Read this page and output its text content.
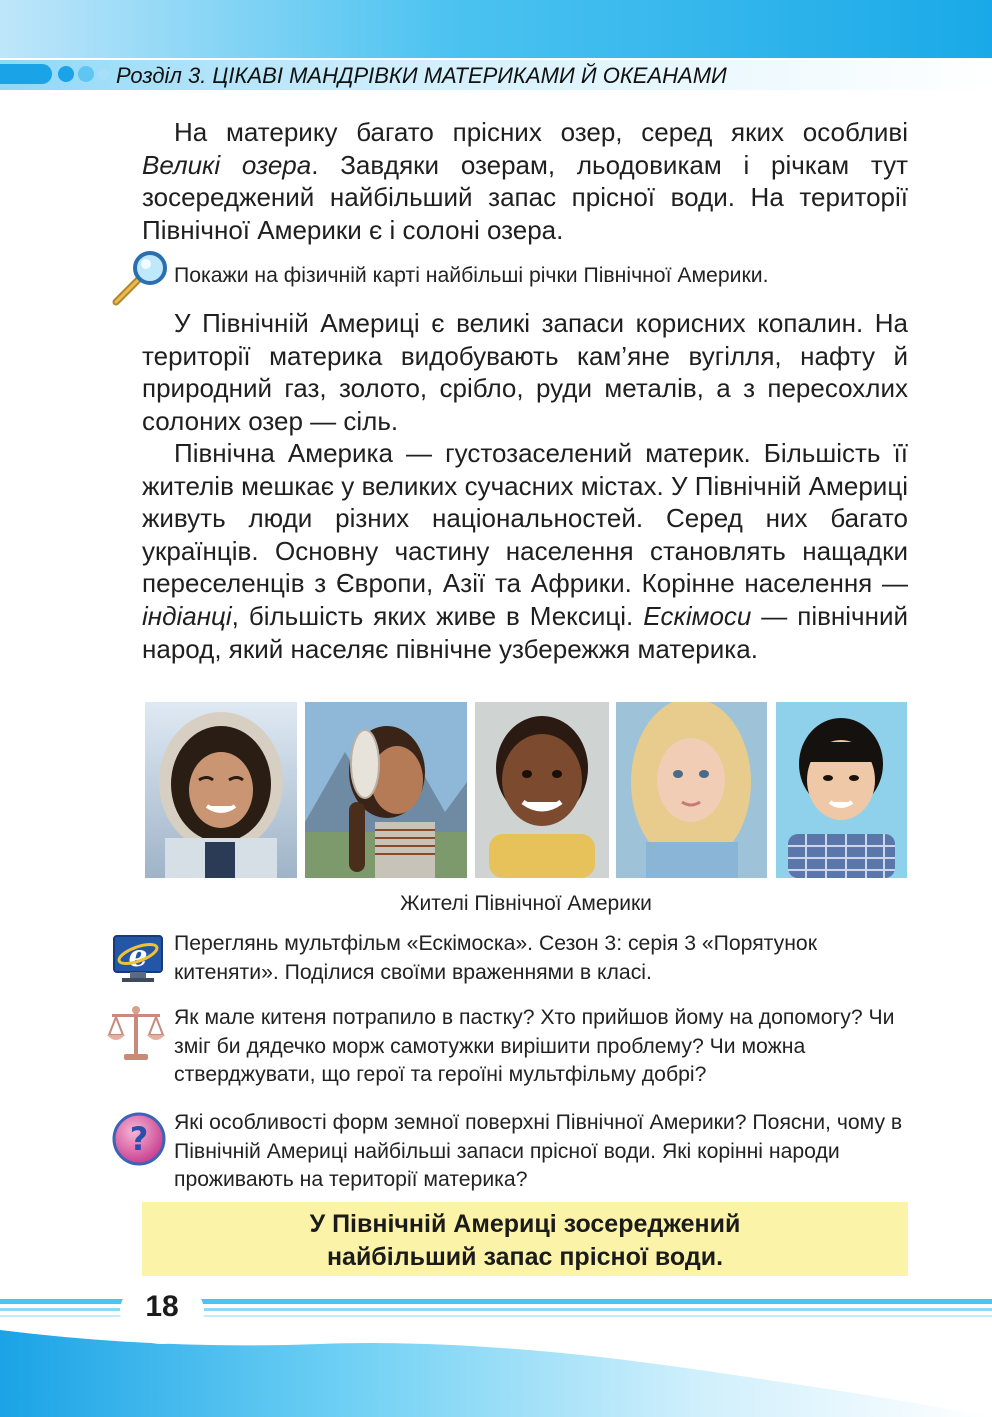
Розділ 3. ЦІКАВІ МАНДРІВКИ МАТЕРИКАМИ Й ОКЕАНАМИ

На материку багато прісних озер, серед яких особливі Великі озера. Завдяки озерам, льодовикам і річкам тут зосереджений найбільший запас прісної води. На території Північної Америки є і солоні озера.

Покажи на фізичній карті найбільші річки Північної Америки.

У Північній Америці є великі запаси корисних копалин. На території материка видобувають кам’яне вугілля, нафту й природний газ, золото, срібло, руди металів, а з пересохлих солоних озер — сіль.

Північна Америка — густозаселений материк. Більшість її жителів мешкає у великих сучасних містах. У Північній Америці живуть люди різних національностей. Серед них багато українців. Основну частину населення становлять нащадки переселенців з Європи, Азії та Африки. Корінне населення — індіанці, більшість яких живе в Мексиці. Ескімоси — північний народ, який населяє північне узбережжя материка.

Жителі Північної Америки
e Переглянь мультфільм «Ескімоска». Сезон 3: серія 3 «Порятунок китеняти». Поділися своїми враженнями в класі.

Як мале китеня потрапило в пастку? Хто прийшов йому на допомогу? Чи зміг би дядечко морж самотужки вирішити проблему? Чи можна стверджувати, що герої та героїні мультфільму добрі?

? Які особливості форм земної поверхні Північної Америки? Поясни, чому в Північній Америці найбільші запаси прісної води. Які корінні народи проживають на території материка?

У Північній Америці зосереджений
найбільший запас прісної води.
18
